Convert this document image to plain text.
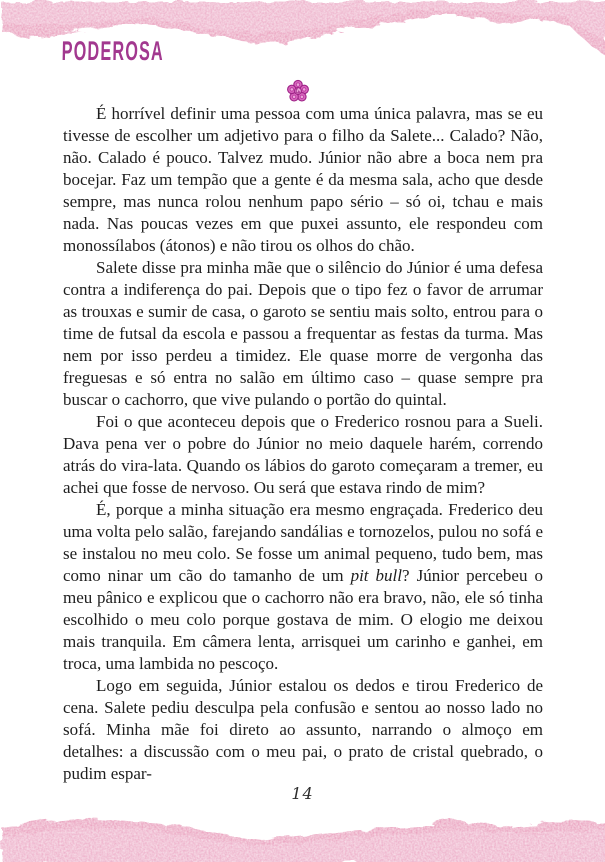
PODEROSA

É horrível definir uma pessoa com uma única palavra, mas se eu tivesse de escolher um adjetivo para o filho da Salete... Calado? Não, não. Calado é pouco. Talvez mudo. Júnior não abre a boca nem pra bocejar. Faz um tempão que a gente é da mesma sala, acho que desde sempre, mas nunca rolou nenhum papo sério – só oi, tchau e mais nada. Nas poucas vezes em que puxei assunto, ele respondeu com monossílabos (átonos) e não tirou os olhos do chão.

Salete disse pra minha mãe que o silêncio do Júnior é uma defesa contra a indiferença do pai. Depois que o tipo fez o favor de arrumar as trouxas e sumir de casa, o garoto se sentiu mais solto, entrou para o time de futsal da escola e passou a frequentar as festas da turma. Mas nem por isso perdeu a timidez. Ele quase morre de vergonha das freguesas e só entra no salão em último caso – quase sempre pra buscar o cachorro, que vive pulando o portão do quintal.

Foi o que aconteceu depois que o Frederico rosnou para a Sueli. Dava pena ver o pobre do Júnior no meio daquele harém, correndo atrás do vira-lata. Quando os lábios do garoto começaram a tremer, eu achei que fosse de nervoso. Ou será que estava rindo de mim?

É, porque a minha situação era mesmo engraçada. Frederico deu uma volta pelo salão, farejando sandálias e tornozelos, pulou no sofá e se instalou no meu colo. Se fosse um animal pequeno, tudo bem, mas como ninar um cão do tamanho de um pit bull? Júnior percebeu o meu pânico e explicou que o cachorro não era bravo, não, ele só tinha escolhido o meu colo porque gostava de mim. O elogio me deixou mais tranquila. Em câmera lenta, arrisquei um carinho e ganhei, em troca, uma lambida no pescoço.

Logo em seguida, Júnior estalou os dedos e tirou Frederico de cena. Salete pediu desculpa pela confusão e sentou ao nosso lado no sofá. Minha mãe foi direto ao assunto, narrando o almoço em detalhes: a discussão com o meu pai, o prato de cristal quebrado, o pudim espar-

14
